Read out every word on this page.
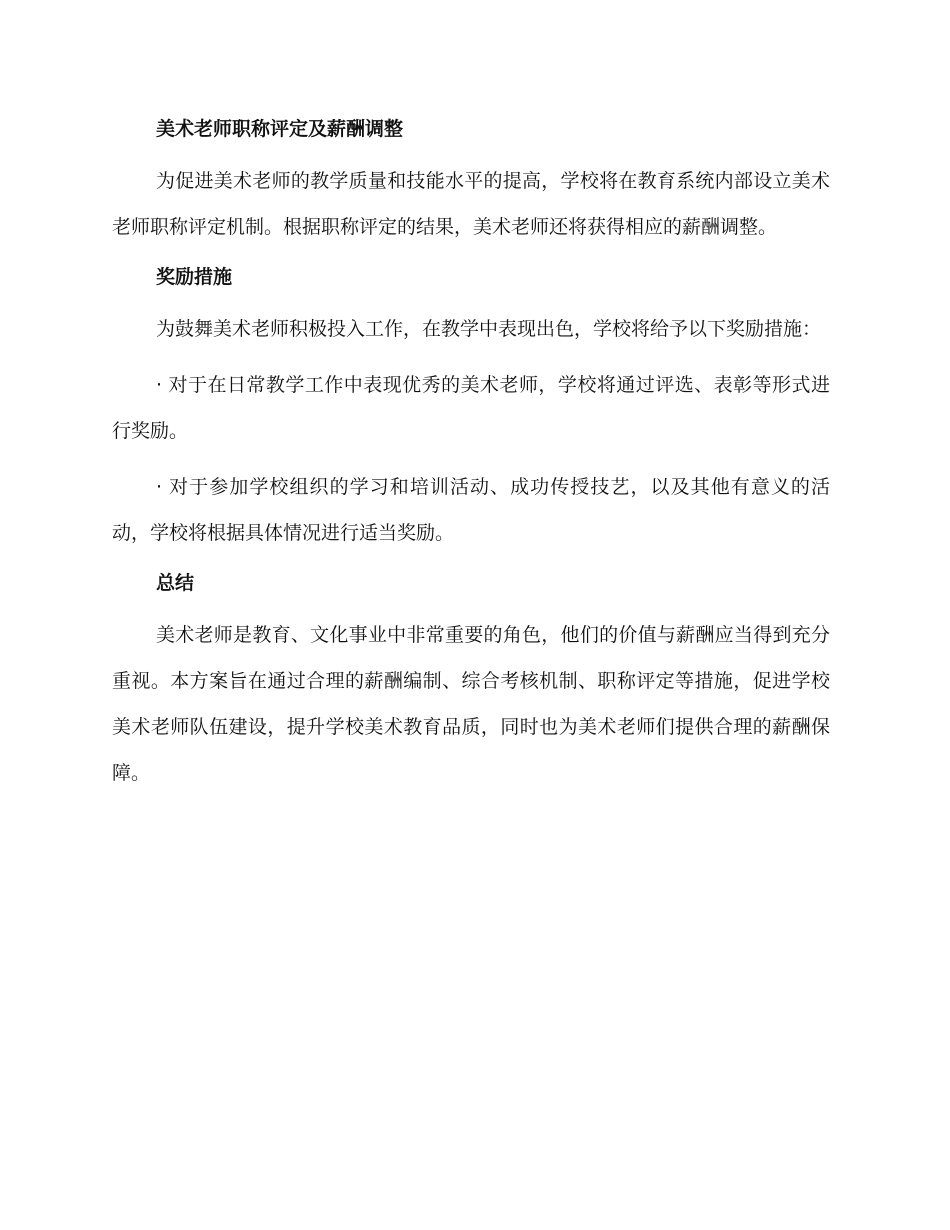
美术老师职称评定及薪酬调整

为促进美术老师的教学质量和技能水平的提高，学校将在教育系统内部设立美术老师职称评定机制。根据职称评定的结果，美术老师还将获得相应的薪酬调整。

奖励措施

为鼓舞美术老师积极投入工作，在教学中表现出色，学校将给予以下奖励措施：

· 对于在日常教学工作中表现优秀的美术老师，学校将通过评选、表彰等形式进行奖励。

· 对于参加学校组织的学习和培训活动、成功传授技艺，以及其他有意义的活动，学校将根据具体情况进行适当奖励。

总结

美术老师是教育、文化事业中非常重要的角色，他们的价值与薪酬应当得到充分重视。本方案旨在通过合理的薪酬编制、综合考核机制、职称评定等措施，促进学校美术老师队伍建设，提升学校美术教育品质，同时也为美术老师们提供合理的薪酬保障。
